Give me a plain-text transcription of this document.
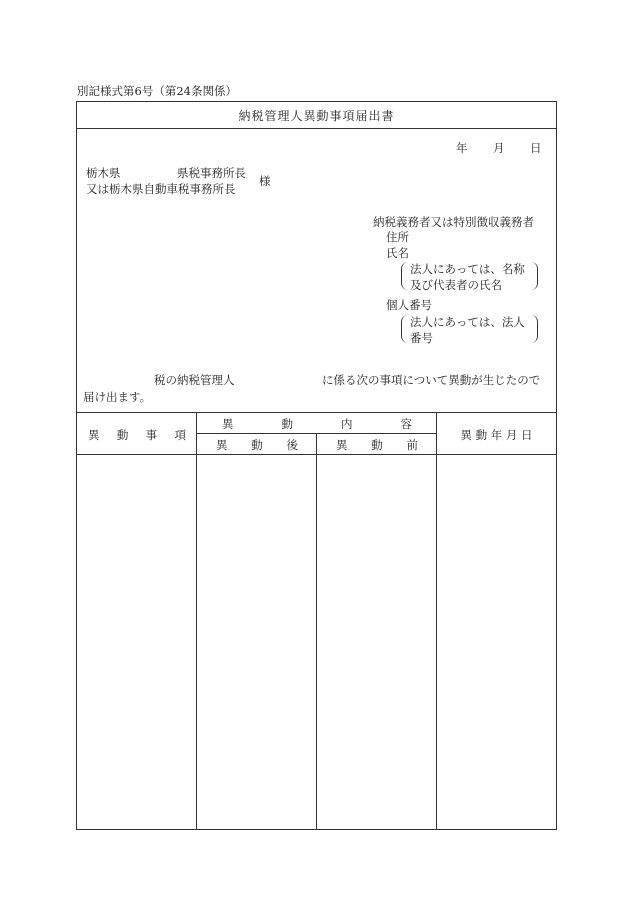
別記様式第6号（第24条関係）
納税管理人異動事項届出書
年 月 日
栃木県	県税事務所長
又は栃木県自動車税事務所長
様
納税義務者又は特別徴収義務者
住所
氏名
法人にあっては、名称
及び代表者の氏名
個人番号
法人にあっては、法人
番号
税の納税管理人	に係る次の事項について異動が生じたので
届け出ます。
異 動 事 項
異	動	内	容
異 動 後	異 動 前
異 動 年 月 日
